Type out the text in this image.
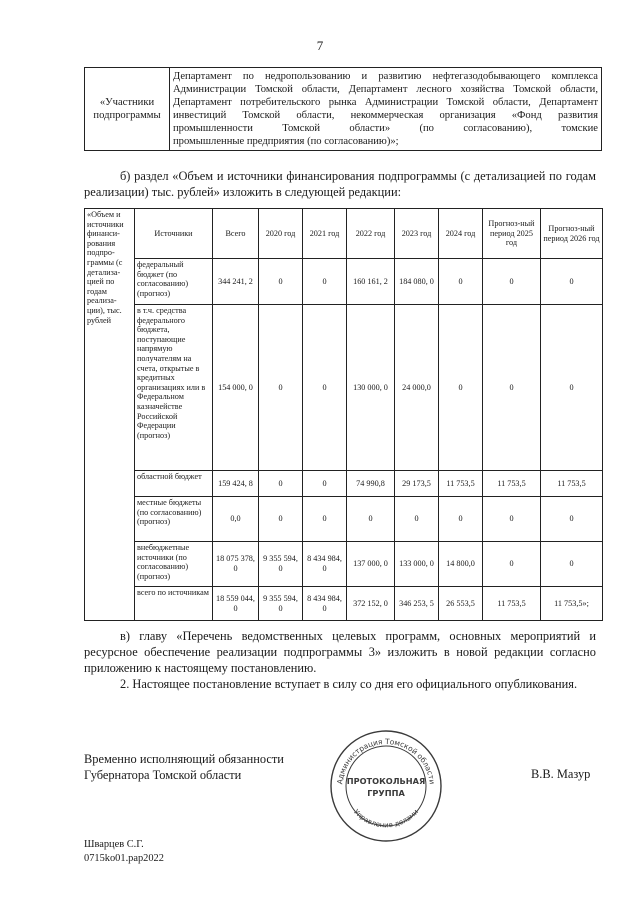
7
«Участники подпрограммы	Департамент по недропользованию и развитию нефтегазодобывающего комплекса Администрации Томской области, Департамент лесного хозяйства Томской области, Департамент потребительского рынка Администрации Томской области, Департамент инвестиций Томской области, некоммерческая организация «Фонд развития промышленности Томской области» (по согласованию), томские
промышленные предприятия (по согласованию)»;
б) раздел «Объем и источники финансирования подпрограммы (с детализацией по годам реализации) тыс. рублей» изложить в следующей редакции:
«Объем и источники финанси-рования подпро-граммы (с детализа-цией по годам реализа-ции), тыс. рублей	Источники	Всего	2020 год	2021 год	2022 год	2023 год	2024 год	Прогноз-ный период 2025 год	Прогноз-ный период 2026 год
	федеральный бюджет (по согласованию) (прогноз)	344 241, 2	0	0	160 161, 2	184 080, 0	0	0	0
	в т.ч. средства федерального бюджета, поступающие напрямую получателям на счета, открытые в кредитных организациях или в Федеральном казначействе Российской Федерации (прогноз)	154 000, 0	0	0	130 000, 0	24 000,0	0	0	0
	областной бюджет	159 424, 8	0	0	74 990,8	29 173,5	11 753,5	11 753,5	11 753,5
	местные бюджеты (по согласованию) (прогноз)	0,0	0	0	0	0	0	0	0
	внебюджетные источники (по согласованию) (прогноз)	18 075 378, 0	9 355 594, 0	8 434 984, 0	137 000, 0	133 000, 0	14 800,0	0	0
	всего по источникам	18 559 044, 0	9 355 594, 0	8 434 984, 0	372 152, 0	346 253, 5	26 553,5	11 753,5	11 753,5»;
в) главу «Перечень ведомственных целевых программ, основных мероприятий и ресурсное обеспечение реализации подпрограммы 3» изложить в новой редакции согласно приложению к настоящему постановлению.
2. Настоящее постановление вступает в силу со дня его официального опубликования.
Временно исполняющий обязанности
Губернатора Томской области	Администрация Томской области
Управление делами
ПРОТОКОЛЬНАЯ
ГРУППА
В.В. Мазур
Шварцев С.Г.
0715ko01.pap2022
